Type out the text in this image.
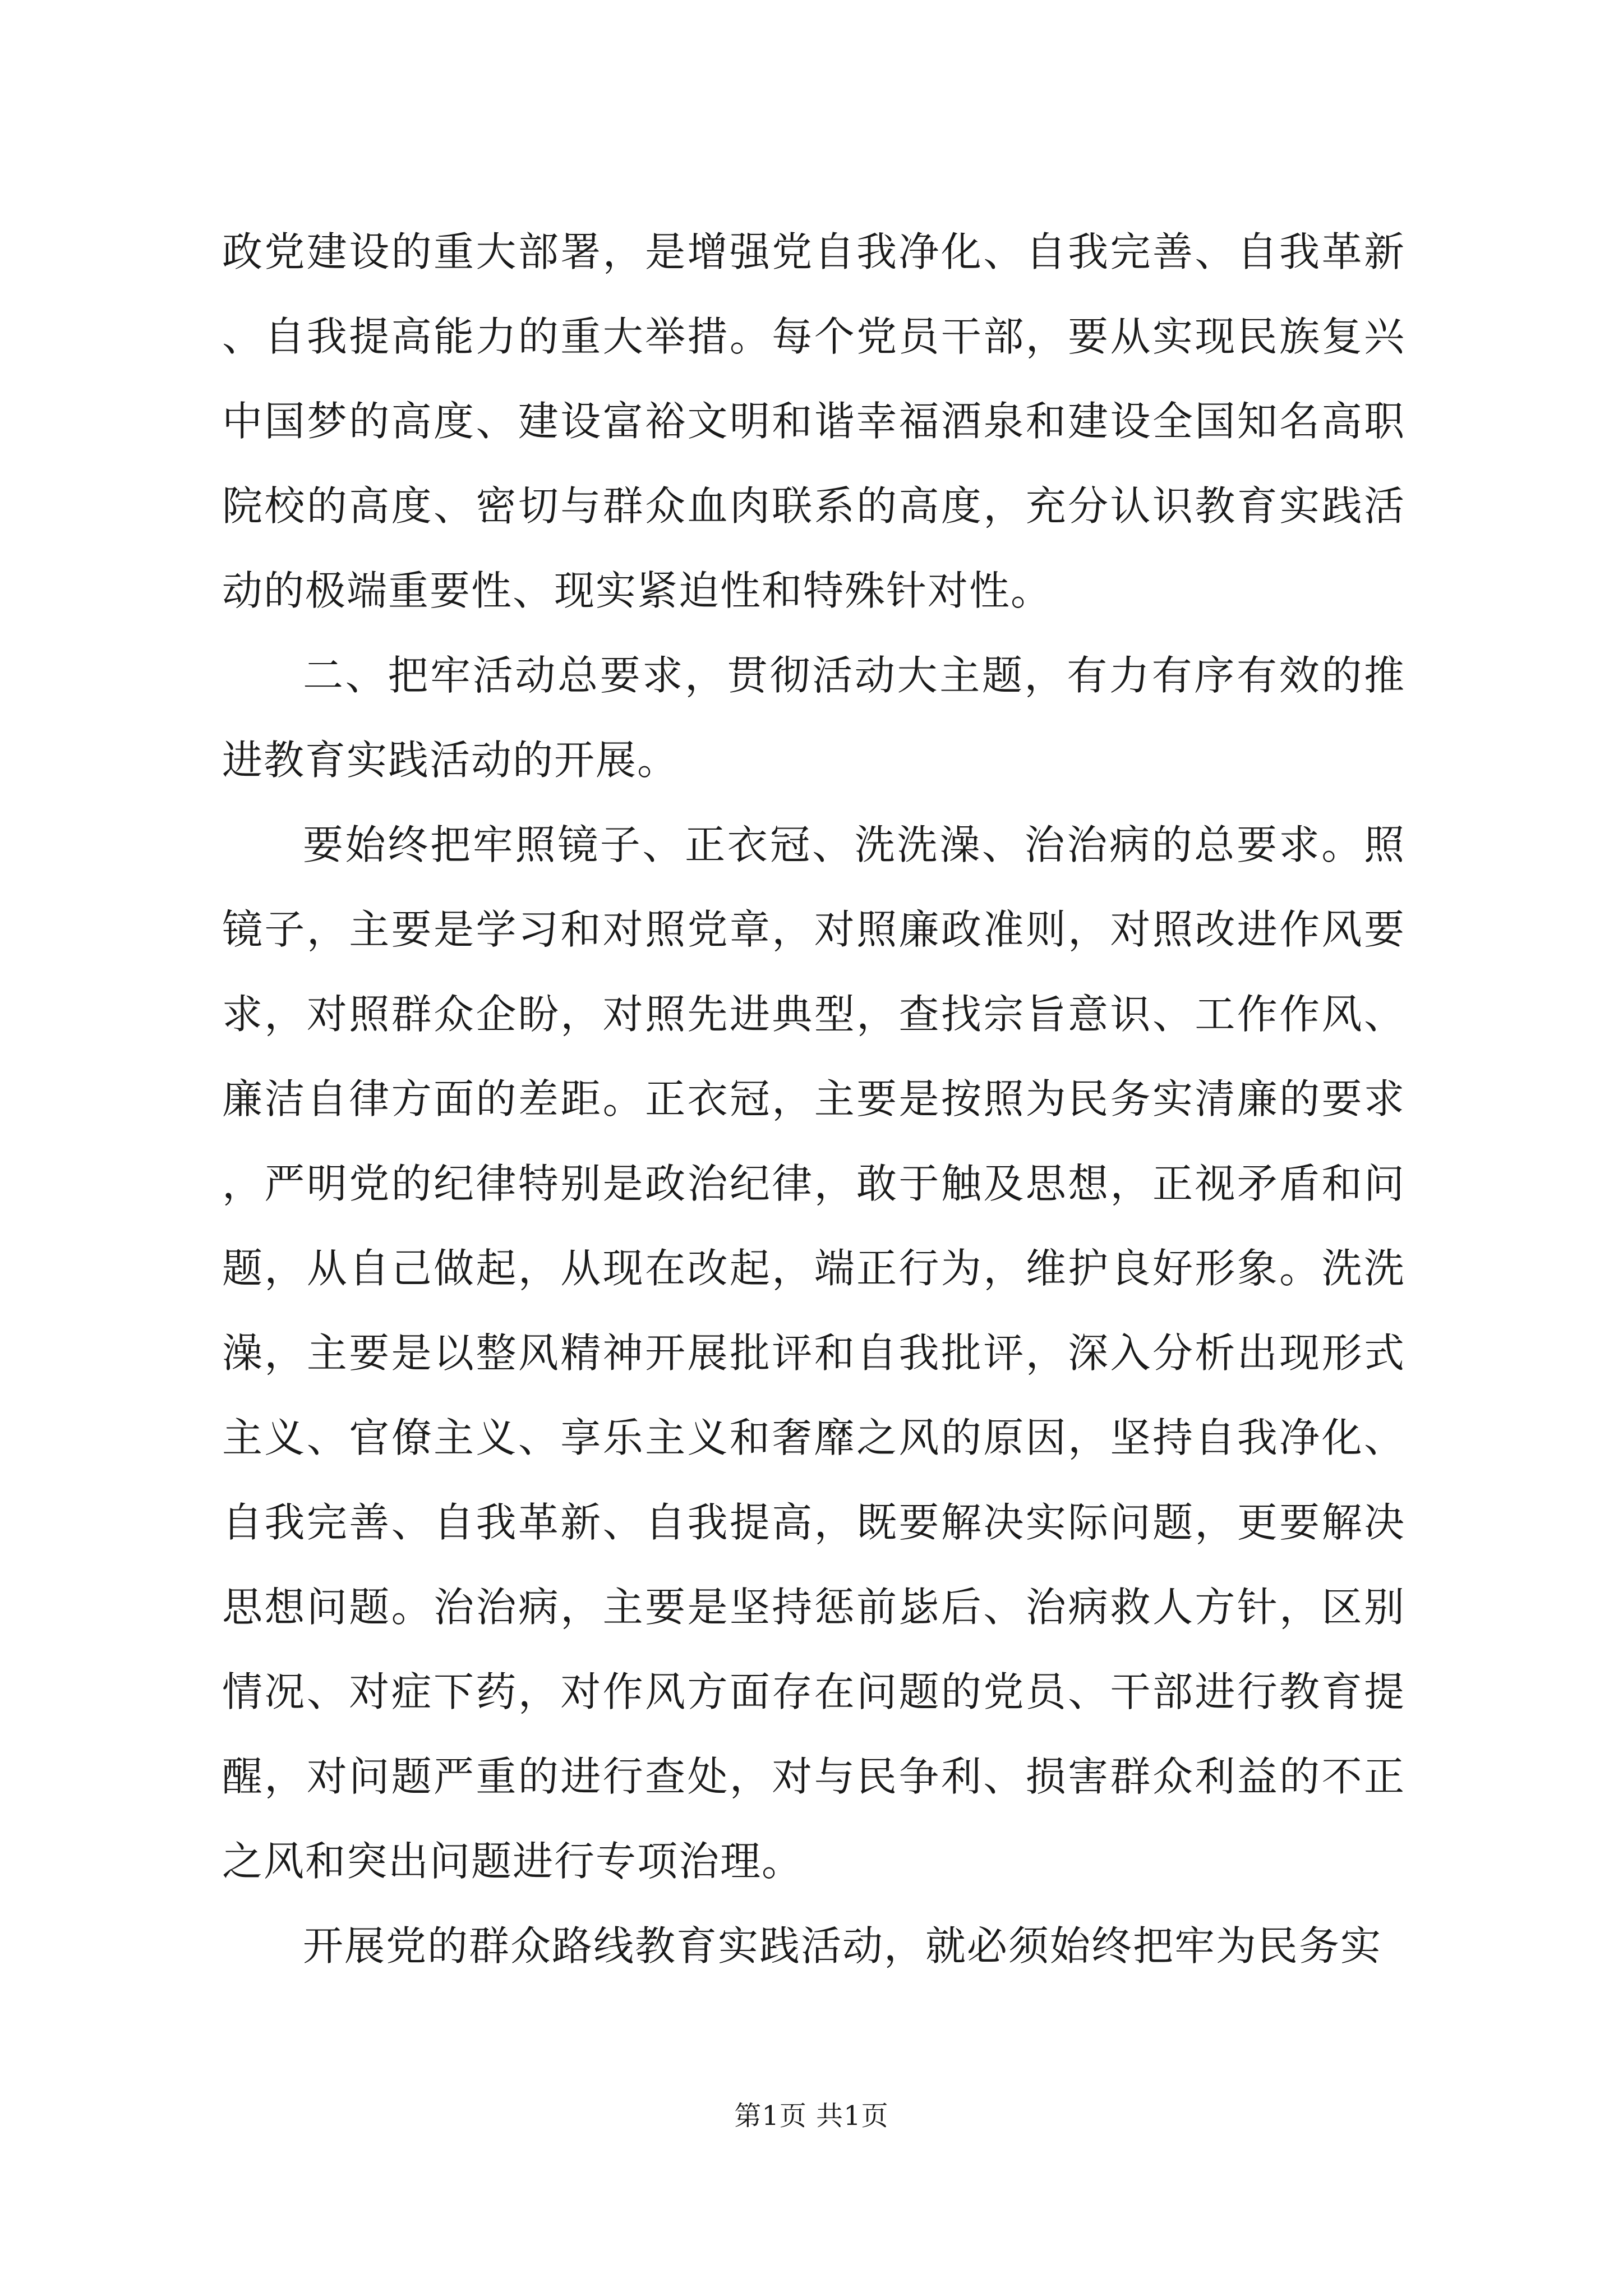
政党建设的重大部署，是增强党自我净化、自我完善、自我革新、自我提高能力的重大举措。每个党员干部，要从实现民族复兴中国梦的高度、建设富裕文明和谐幸福酒泉和建设全国知名高职院校的高度、密切与群众血肉联系的高度，充分认识教育实践活动的极端重要性、现实紧迫性和特殊针对性。

二、把牢活动总要求，贯彻活动大主题，有力有序有效的推进教育实践活动的开展。

要始终把牢照镜子、正衣冠、洗洗澡、治治病的总要求。照镜子，主要是学习和对照党章，对照廉政准则，对照改进作风要求，对照群众企盼，对照先进典型，查找宗旨意识、工作作风、廉洁自律方面的差距。正衣冠，主要是按照为民务实清廉的要求，严明党的纪律特别是政治纪律，敢于触及思想，正视矛盾和问题，从自己做起，从现在改起，端正行为，维护良好形象。洗洗澡，主要是以整风精神开展批评和自我批评，深入分析出现形式主义、官僚主义、享乐主义和奢靡之风的原因，坚持自我净化、自我完善、自我革新、自我提高，既要解决实际问题，更要解决思想问题。治治病，主要是坚持惩前毖后、治病救人方针，区别情况、对症下药，对作风方面存在问题的党员、干部进行教育提醒，对问题严重的进行查处，对与民争利、损害群众利益的不正之风和突出问题进行专项治理。

开展党的群众路线教育实践活动，就必须始终把牢为民务实

第1页 共1页
